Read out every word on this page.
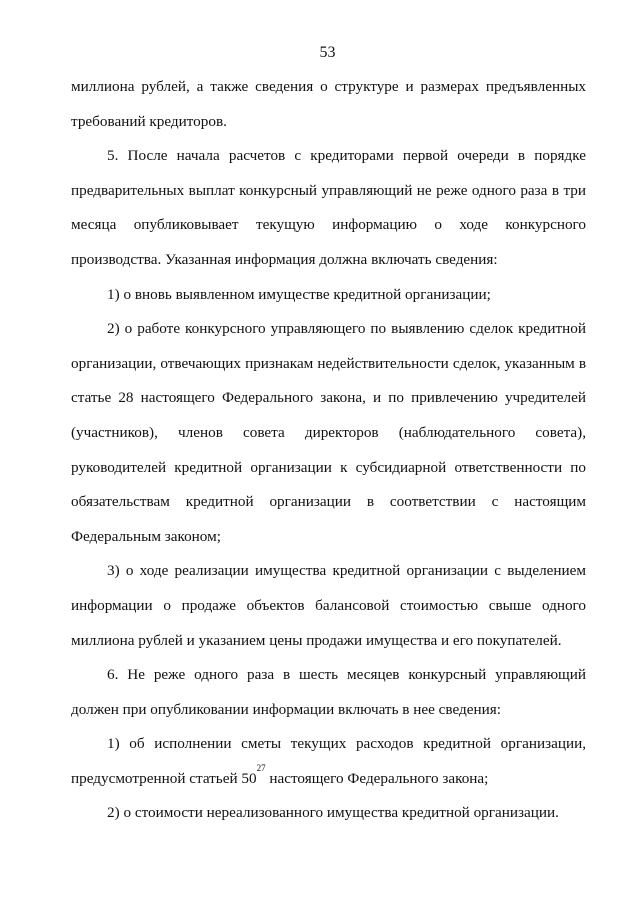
53

миллиона рублей, а также сведения о структуре и размерах предъявленных требований кредиторов.

5. После начала расчетов с кредиторами первой очереди в порядке предварительных выплат конкурсный управляющий не реже одного раза в три месяца опубликовывает текущую информацию о ходе конкурсного производства. Указанная информация должна включать сведения:

1) о вновь выявленном имуществе кредитной организации;

2) о работе конкурсного управляющего по выявлению сделок кредитной организации, отвечающих признакам недействительности сделок, указанным в статье 28 настоящего Федерального закона, и по привлечению учредителей (участников), членов совета директоров (наблюдательного совета), руководителей кредитной организации к субсидиарной ответственности по обязательствам кредитной организации в соответствии с настоящим Федеральным законом;

3) о ходе реализации имущества кредитной организации с выделением информации о продаже объектов балансовой стоимостью свыше одного миллиона рублей и указанием цены продажи имущества и его покупателей.

6. Не реже одного раза в шесть месяцев конкурсный управляющий должен при опубликовании информации включать в нее сведения:

1) об исполнении сметы текущих расходов кредитной организации, предусмотренной статьей $50^{27}$ настоящего Федерального закона;

2) о стоимости нереализованного имущества кредитной организации.
